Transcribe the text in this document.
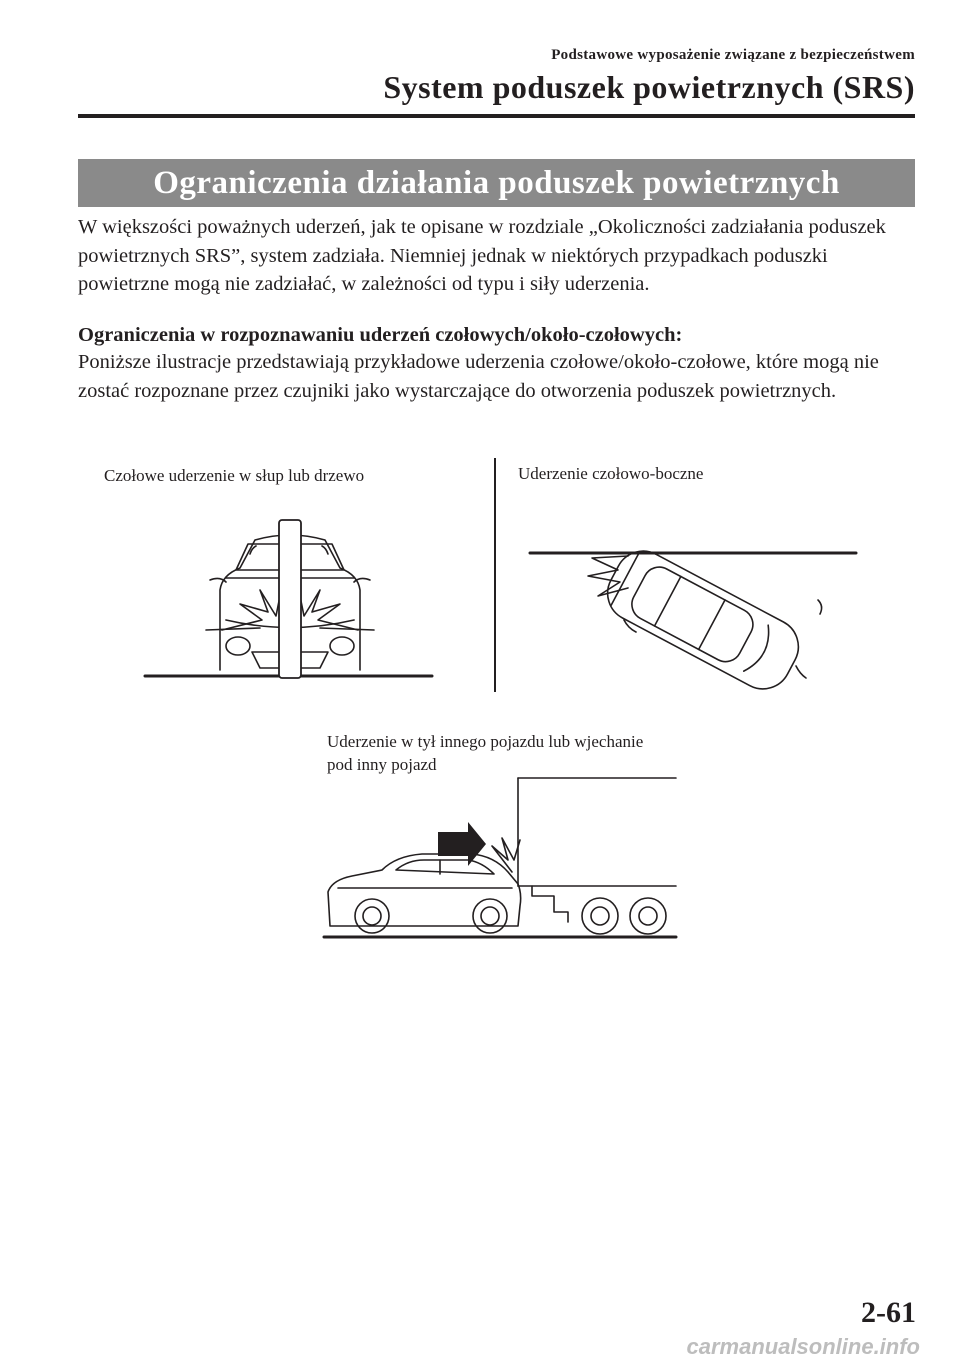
Podstawowe wyposażenie związane z bezpieczeństwem
System poduszek powietrznych (SRS)
Ograniczenia działania poduszek powietrznych
W większości poważnych uderzeń, jak te opisane w rozdziale „Okoliczności zadziałania poduszek powietrznych SRS”, system zadziała. Niemniej jednak w niektórych przypadkach poduszki powietrzne mogą nie zadziałać, w zależności od typu i siły uderzenia.
Ograniczenia w rozpoznawaniu uderzeń czołowych/około-czołowych:
Poniższe ilustracje przedstawiają przykładowe uderzenia czołowe/około-czołowe, które mogą nie zostać rozpoznane przez czujniki jako wystarczające do otworzenia poduszek powietrznych.
Czołowe uderzenie w słup lub drzewo	Uderzenie czołowo-boczne
Uderzenie w tył innego pojazdu lub wjechanie pod inny pojazd
2-61
carmanualsonline.info
